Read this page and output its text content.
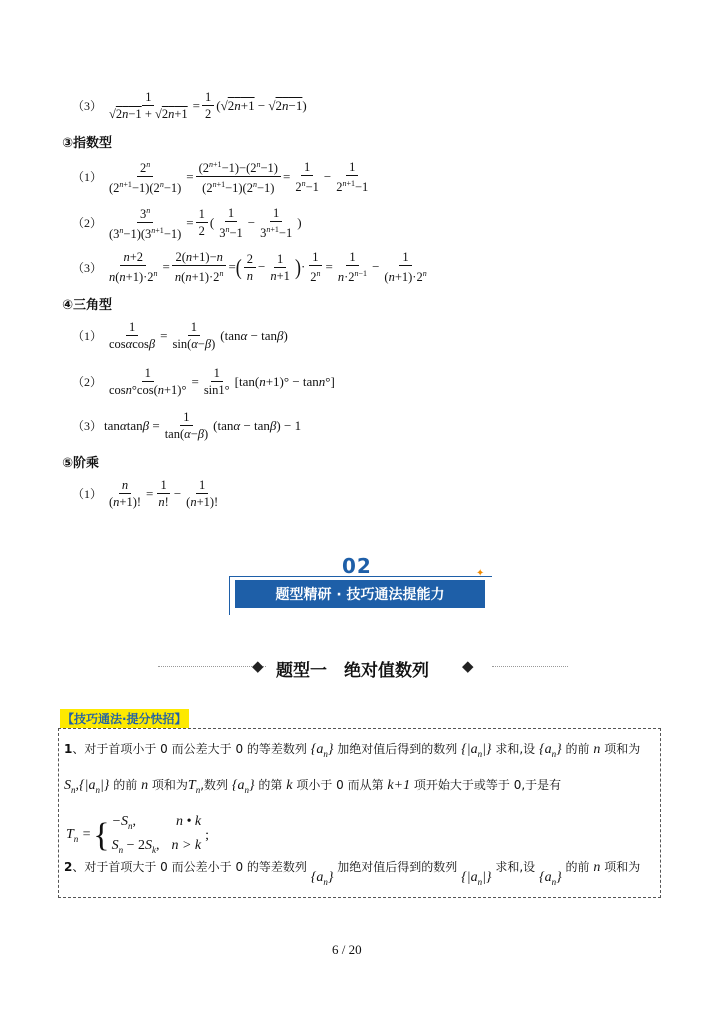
$(3) \frac{1}{√2n-1 + √2n+1} = \frac{1}{2} (√2n+1 - √2n-1)$
③指数型
$(1) \frac{2^n}{(2^{n+1}-1)(2^n-1)} = \frac{(2^{n+1}-1)-(2^n-1)}{(2^{n+1}-1)(2^n-1)} = \frac{1}{2^n-1} - \frac{1}{2^{n+1}-1}$
$(2) \frac{3^n}{(3^n-1)(3^{n+1}-1)} = \frac{1}{2}$ ( $\frac{1}{3^n-1} - \frac{1}{3^{n+1}-1}$ )
$(3) \frac{n+2}{n(n+1)\cdot 2^n} = \frac{2(n+1)-n}{n(n+1)\cdot 2^n}$ = ( $\frac{2}{n} - \frac{1}{n+1}$ ) · $\frac{1}{2^n} = \frac{1}{n\cdot 2^{n-1}} - \frac{1}{(n+1)\cdot 2^n}$
④三角型
$(1) \frac{1}{\cos\alpha\cos\beta} = \frac{1}{\sin(\alpha-\beta)} (\tan\alpha - \tan\beta)$
$(2) \frac{1}{\cos n^\circ\cos(n+1)^\circ} = \frac{1}{\sin 1^\circ} [\tan(n+1)^\circ - \tan n^\circ]$
（3） $\tan\alpha\tan\beta = \frac{1}{\tan(\alpha-\beta)} (\tan\alpha - \tan\beta) - 1$
⑤阶乘
$(1) \frac{n}{(n+1)!} = \frac{1}{n!} - \frac{1}{(n+1)!}$
02
题型精研 · 技巧通法提能力
✦
◆ 题型一　绝对值数列 ◆
【技巧通法·提分快招】
1、对于首项小于 0 而公差大于 0 的等差数列 $\{a_n\}$ 加绝对值后得到的数列 $\{|a_n|\}$ 求和,设 $\{a_n\}$ 的前 n 项和为
$S_n,\{|a_n|\}$ 的前 n 项和为$T_n$,数列 $\{a_n\}$ 的第 k 项小于 0 而从第 k+1 项开始大于或等于 0,于是有
$T_n$ = { $-S_n$,	n • k
$S_n - 2S_k$, n > k
;
2、对于首项大于 0 而公差小于 0 的等差数列 $\{a_n\}$ 加绝对值后得到的数列 $\{|a_n|\}$ 求和,设 $\{a_n\}$ 的前 n 项和为
6 / 20
